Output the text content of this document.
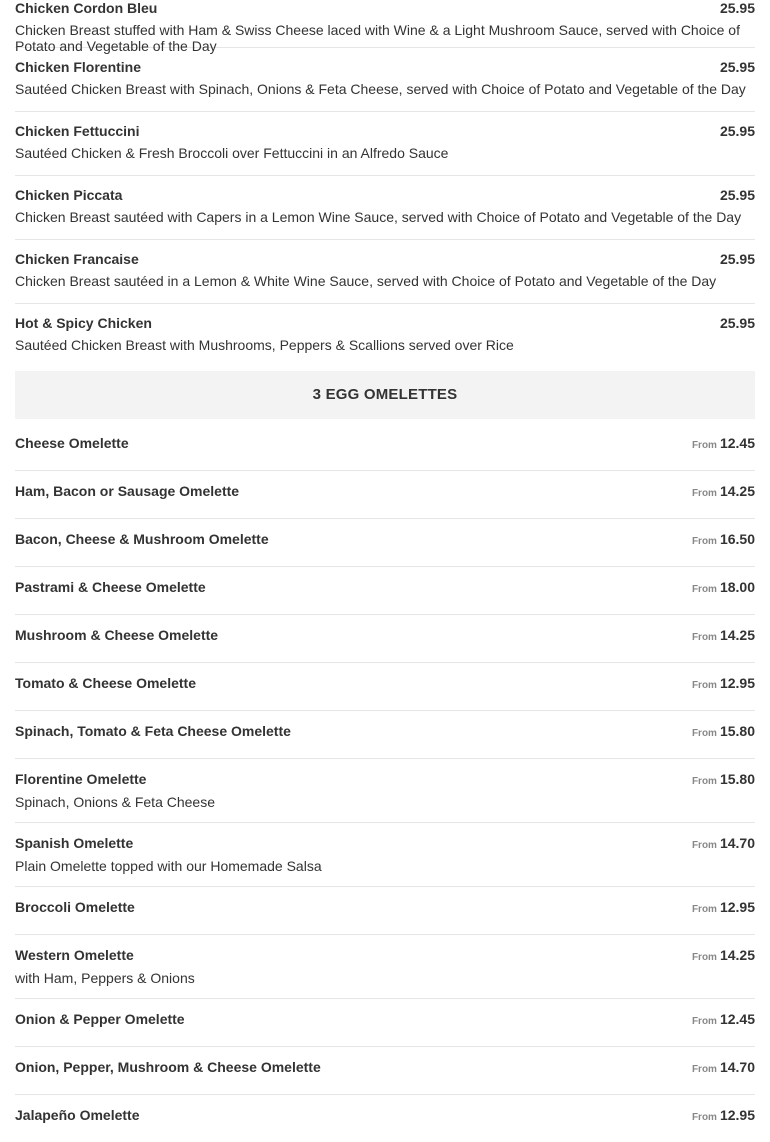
Chicken Cordon Bleu	25.95
Chicken Breast stuffed with Ham & Swiss Cheese laced with Wine & a Light Mushroom Sauce, served with Choice of Potato and Vegetable of the Day
Chicken Florentine	25.95
Sautéed Chicken Breast with Spinach, Onions & Feta Cheese, served with Choice of Potato and Vegetable of the Day
Chicken Fettuccini	25.95
Sautéed Chicken & Fresh Broccoli over Fettuccini in an Alfredo Sauce
Chicken Piccata	25.95
Chicken Breast sautéed with Capers in a Lemon Wine Sauce, served with Choice of Potato and Vegetable of the Day
Chicken Francaise	25.95
Chicken Breast sautéed in a Lemon & White Wine Sauce, served with Choice of Potato and Vegetable of the Day
Hot & Spicy Chicken	25.95
Sautéed Chicken Breast with Mushrooms, Peppers & Scallions served over Rice
3 EGG OMELETTES
Cheese Omelette	From 12.45
Ham, Bacon or Sausage Omelette	From 14.25
Bacon, Cheese & Mushroom Omelette	From 16.50
Pastrami & Cheese Omelette	From 18.00
Mushroom & Cheese Omelette	From 14.25
Tomato & Cheese Omelette	From 12.95
Spinach, Tomato & Feta Cheese Omelette	From 15.80
Florentine Omelette	From 15.80
Spinach, Onions & Feta Cheese
Spanish Omelette	From 14.70
Plain Omelette topped with our Homemade Salsa
Broccoli Omelette	From 12.95
Western Omelette	From 14.25
with Ham, Peppers & Onions
Onion & Pepper Omelette	From 12.45
Onion, Pepper, Mushroom & Cheese Omelette	From 14.70
Jalapeño Omelette	From 12.95
